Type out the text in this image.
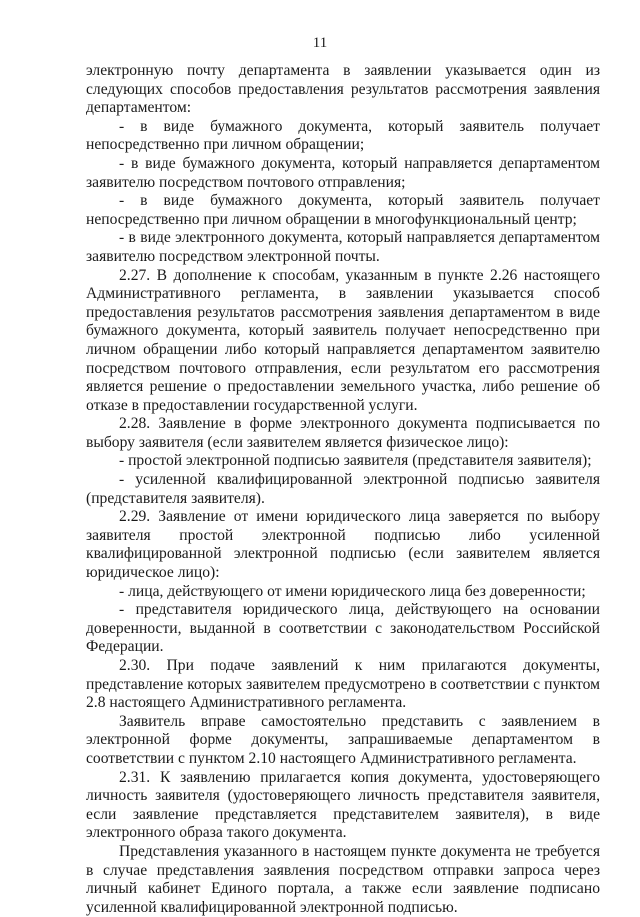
11

электронную почту департамента в заявлении указывается один из следующих способов предоставления результатов рассмотрения заявления департаментом:

- в виде бумажного документа, который заявитель получает непосредственно при личном обращении;

- в виде бумажного документа, который направляется департаментом заявителю посредством почтового отправления;

- в виде бумажного документа, который заявитель получает непосредственно при личном обращении в многофункциональный центр;

- в виде электронного документа, который направляется департаментом заявителю посредством электронной почты.

2.27. В дополнение к способам, указанным в пункте 2.26 настоящего Административного регламента, в заявлении указывается способ предоставления результатов рассмотрения заявления департаментом в виде бумажного документа, который заявитель получает непосредственно при личном обращении либо который направляется департаментом заявителю посредством почтового отправления, если результатом его рассмотрения является решение о предоставлении земельного участка, либо решение об отказе в предоставлении государственной услуги.

2.28. Заявление в форме электронного документа подписывается по выбору заявителя (если заявителем является физическое лицо):

- простой электронной подписью заявителя (представителя заявителя);

- усиленной квалифицированной электронной подписью заявителя (представителя заявителя).

2.29. Заявление от имени юридического лица заверяется по выбору заявителя простой электронной подписью либо усиленной квалифицированной электронной подписью (если заявителем является юридическое лицо):

- лица, действующего от имени юридического лица без доверенности;

- представителя юридического лица, действующего на основании доверенности, выданной в соответствии с законодательством Российской Федерации.

2.30. При подаче заявлений к ним прилагаются документы, представление которых заявителем предусмотрено в соответствии с пунктом 2.8 настоящего Административного регламента.

Заявитель вправе самостоятельно представить с заявлением в электронной форме документы, запрашиваемые департаментом в соответствии с пунктом 2.10 настоящего Административного регламента.

2.31. К заявлению прилагается копия документа, удостоверяющего личность заявителя (удостоверяющего личность представителя заявителя, если заявление представляется представителем заявителя), в виде электронного образа такого документа.

Представления указанного в настоящем пункте документа не требуется в случае представления заявления посредством отправки запроса через личный кабинет Единого портала, а также если заявление подписано усиленной квалифицированной электронной подписью.
